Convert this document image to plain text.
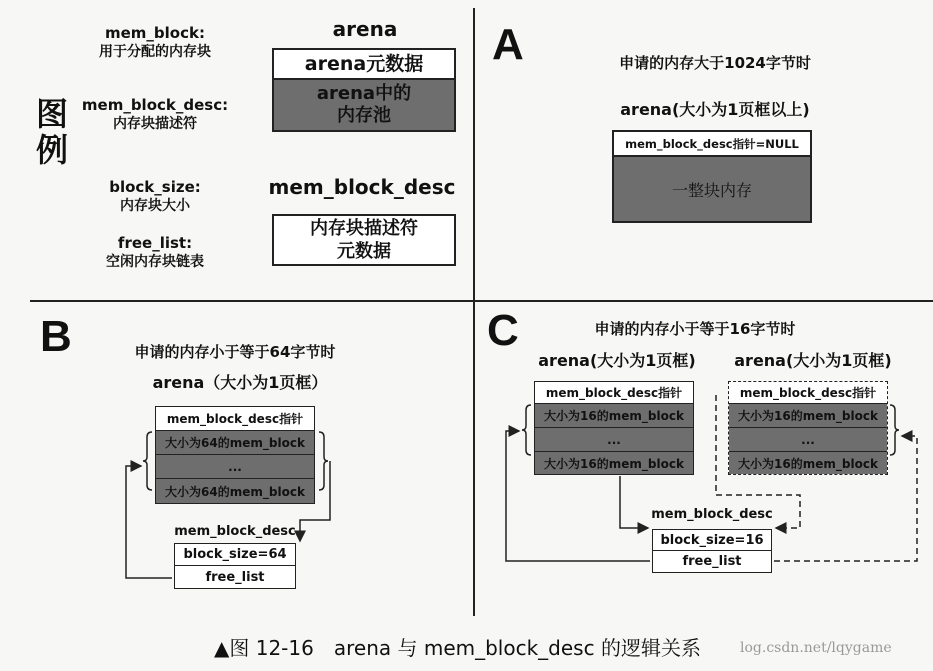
图
例
mem_block:
用于分配的内存块
mem_block_desc:
内存块描述符
block_size:
内存块大小
free_list:
空闲内存块链表
arena
arena元数据
arena中的
内存池
mem_block_desc
内存块描述符
元数据
A	申请的内存大于1024字节时
arena(大小为1页框以上)
mem_block_desc指针=NULL
一整块内存
B	申请的内存小于等于64字节时
arena（大小为1页框）
mem_block_desc指针
大小为64的mem_block
...
大小为64的mem_block
mem_block_desc
block_size=64
free_list
C	申请的内存小于等于16字节时
arena(大小为1页框)	arena(大小为1页框)
mem_block_desc指针
大小为16的mem_block
...
大小为16的mem_block
mem_block_desc指针
大小为16的mem_block
...
大小为16的mem_block
mem_block_desc
block_size=16
free_list
▲图 12-16　arena 与 mem_block_desc 的逻辑关系	log.csdn.net/lqygame
